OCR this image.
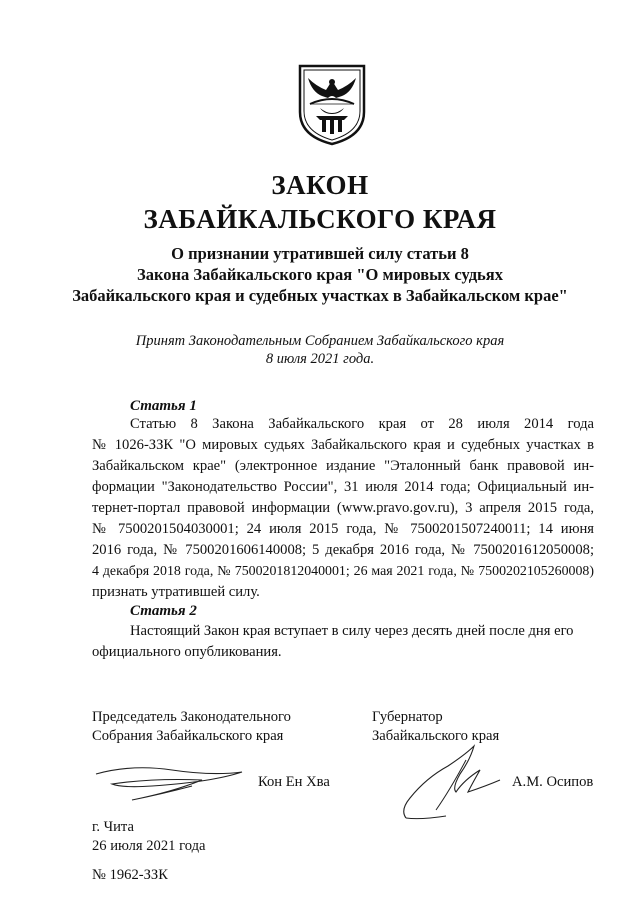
ЗАКОН
ЗАБАЙКАЛЬСКОГО КРАЯ
О признании утратившей силу статьи 8
Закона Забайкальского края "О мировых судьях
Забайкальского края и судебных участках в Забайкальском крае"
Принят Законодательным Собранием Забайкальского края
8 июля 2021 года.
Статья 1
Статью 8 Закона Забайкальского края от 28 июля 2014 года
№ 1026-ЗЗК "О мировых судьях Забайкальского края и судебных участках в
Забайкальском крае" (электронное издание "Эталонный банк правовой ин-
формации "Законодательство России", 31 июля 2014 года; Официальный ин-
тернет-портал правовой информации (www.pravo.gov.ru), 3 апреля 2015 года,
№ 7500201504030001; 24 июля 2015 года, № 7500201507240011; 14 июня
2016 года, № 7500201606140008; 5 декабря 2016 года, № 7500201612050008;
4 декабря 2018 года, № 7500201812040001; 26 мая 2021 года, № 7500202105260008)
признать утратившей силу.
Статья 2
Настоящий Закон края вступает в силу через десять дней после дня его
официального опубликования.
Председатель Законодательного
Собрания Забайкальского края
Губернатор
Забайкальского края
Кон Ен Хва	А.М. Осипов
г. Чита
26 июля 2021 года
№ 1962-ЗЗК
